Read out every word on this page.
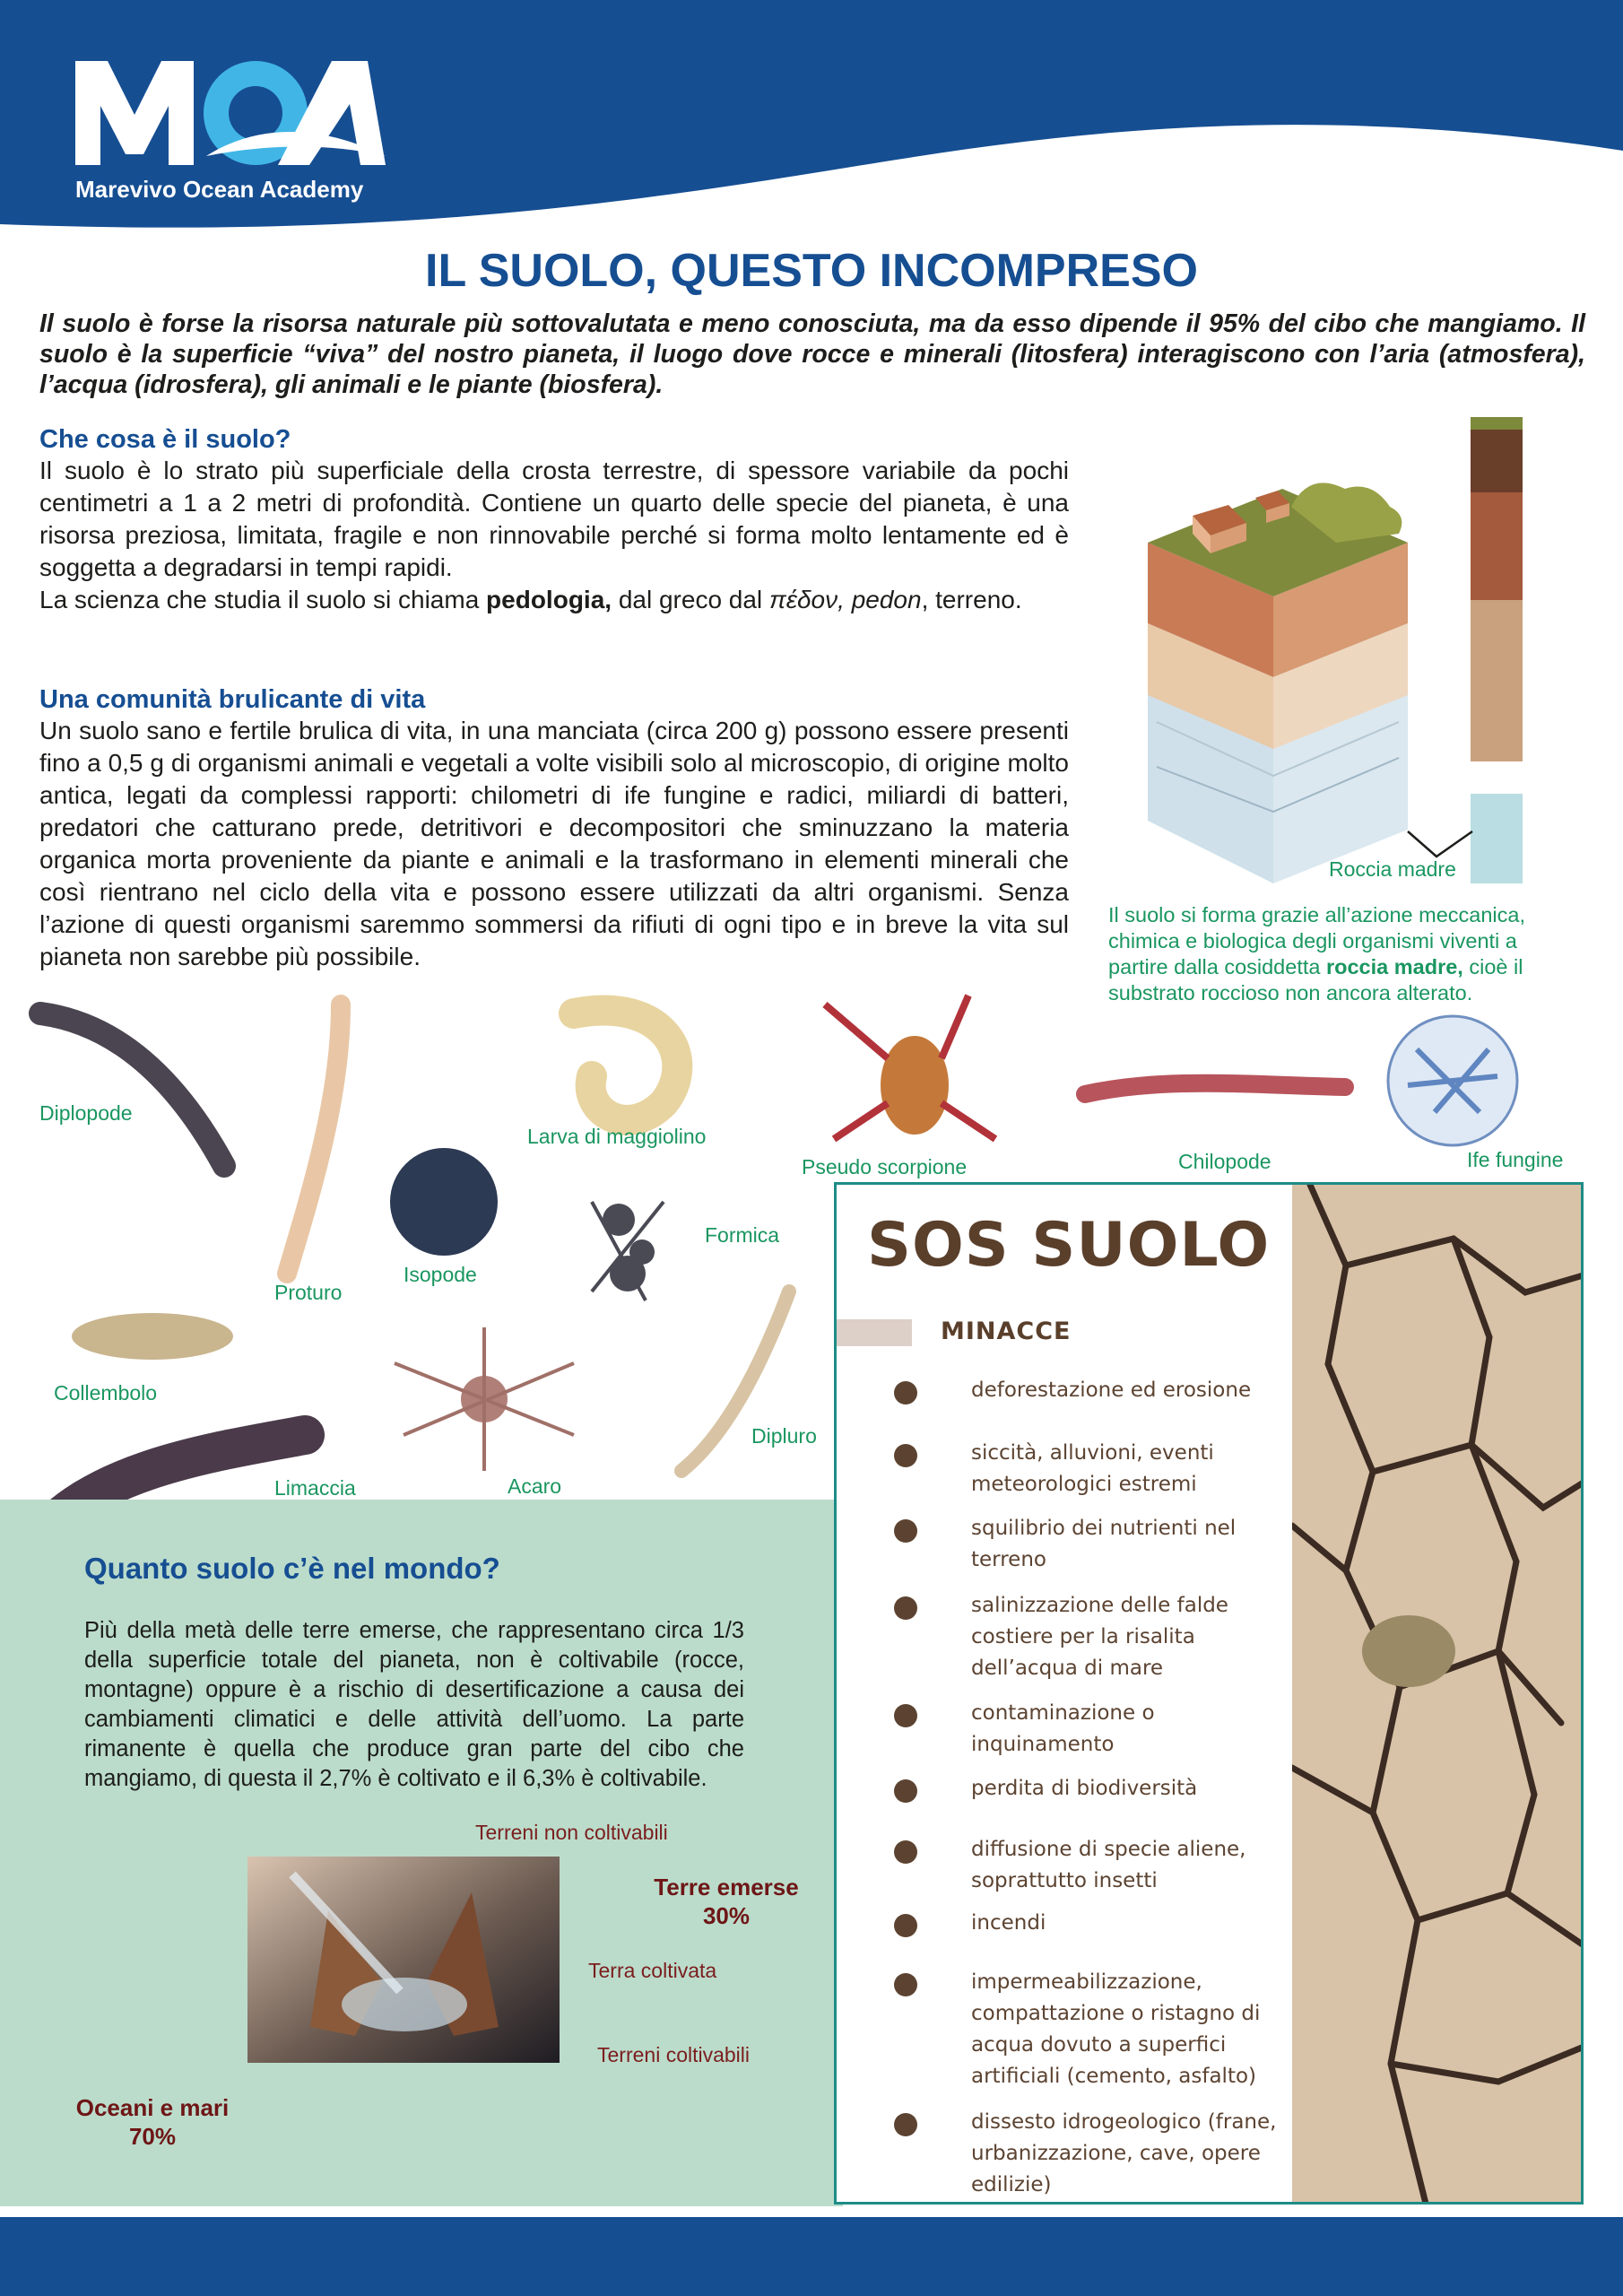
Marevivo Ocean Academy
IL SUOLO, QUESTO INCOMPRESO
Il suolo è forse la risorsa naturale più sottovalutata e meno conosciuta, ma da esso dipende il 95% del cibo che mangiamo. Il suolo è la superficie “viva” del nostro pianeta, il luogo dove rocce e minerali (litosfera) interagiscono con l’aria (atmosfera), l’acqua (idrosfera), gli animali e le piante (biosfera).
Che cosa è il suolo?
Il suolo è lo strato più superficiale della crosta terrestre, di spessore variabile da pochi centimetri a 1 a 2 metri di profondità. Contiene un quarto delle specie del pianeta, è una risorsa preziosa, limitata, fragile e non rinnovabile perché si forma molto lentamente ed è soggetta a degradarsi in tempi rapidi.
La scienza che studia il suolo si chiama pedologia, dal greco dal πέδον, pedon, terreno.
Una comunità brulicante di vita
Un suolo sano e fertile brulica di vita, in una manciata (circa 200 g) possono essere presenti fino a 0,5 g di organismi animali e vegetali a volte visibili solo al microscopio, di origine molto antica, legati da complessi rapporti: chilometri di ife fungine e radici, miliardi di batteri, predatori che catturano prede, detritivori e decompositori che sminuzzano la materia organica morta proveniente da piante e animali e la trasformano in elementi minerali che così rientrano nel ciclo della vita e possono essere utilizzati da altri organismi. Senza l’azione di questi organismi saremmo sommersi da rifiuti di ogni tipo e in breve la vita sul pianeta non sarebbe più possibile.
Roccia madre
Il suolo si forma grazie all’azione meccanica, chimica e biologica degli organismi viventi a partire dalla cosiddetta roccia madre, cioè il substrato roccioso non ancora alterato.
Diplopode
Larva di maggiolino
Pseudo scorpione	Chilopode	Ife fungine
Proturo
Isopode
Formica
Collembolo
Dipluro
Limaccia	Acaro
Quanto suolo c’è nel mondo?
Più della metà delle terre emerse, che rappresentano circa 1/3 della superficie totale del pianeta, non è coltivabile (rocce, montagne) oppure è a rischio di desertificazione a causa dei cambiamenti climatici e delle attività dell’uomo. La parte rimanente è quella che produce gran parte del cibo che mangiamo, di questa il 2,7% è coltivato e il 6,3% è coltivabile.
Terreni non coltivabili
Terre emerse
30%
Terra coltivata
Terreni coltivabili
Oceani e mari
70%
SOS SUOLO
MINACCE
deforestazione ed erosione
siccità, alluvioni, eventi meteorologici estremi
squilibrio dei nutrienti nel terreno
salinizzazione delle falde costiere per la risalita dell’acqua di mare
contaminazione o inquinamento
perdita di biodiversità
diffusione di specie aliene, soprattutto insetti
incendi
impermeabilizzazione, compattazione o ristagno di acqua dovuto a superfici artificiali (cemento, asfalto)
dissesto idrogeologico (frane, urbanizzazione, cave, opere edilizie)
